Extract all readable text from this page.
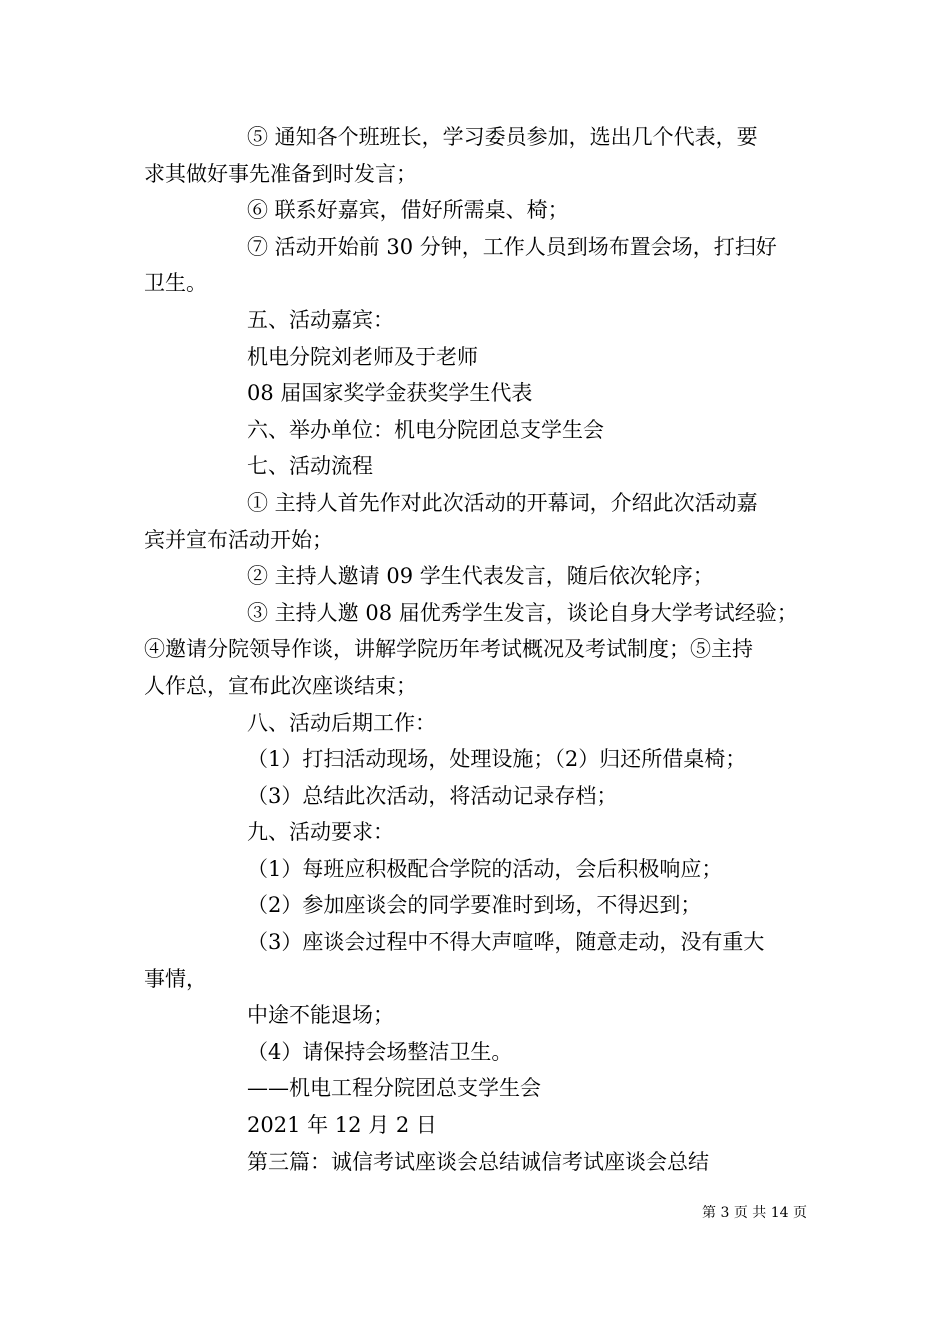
⑤ 通知各个班班长，学习委员参加，选出几个代表，要
求其做好事先准备到时发言；
⑥ 联系好嘉宾，借好所需桌、椅；
⑦ 活动开始前 30 分钟，工作人员到场布置会场，打扫好
卫生。
五、活动嘉宾：
机电分院刘老师及于老师
08 届国家奖学金获奖学生代表
六、举办单位：机电分院团总支学生会
七、活动流程
① 主持人首先作对此次活动的开幕词，介绍此次活动嘉
宾并宣布活动开始；
② 主持人邀请 09 学生代表发言，随后依次轮序；
③ 主持人邀 08 届优秀学生发言，谈论自身大学考试经验；
④邀请分院领导作谈，讲解学院历年考试概况及考试制度；⑤主持
人作总，宣布此次座谈结束；
八、活动后期工作：
（1）打扫活动现场，处理设施；（2）归还所借桌椅；
（3）总结此次活动，将活动记录存档；
九、活动要求：
（1）每班应积极配合学院的活动，会后积极响应；
（2）参加座谈会的同学要准时到场，不得迟到；
（3）座谈会过程中不得大声喧哗，随意走动，没有重大
事情，
中途不能退场；
（4）请保持会场整洁卫生。
——机电工程分院团总支学生会
2021 年 12 月 2 日
第三篇：诚信考试座谈会总结诚信考试座谈会总结
第 3 页 共 14 页
